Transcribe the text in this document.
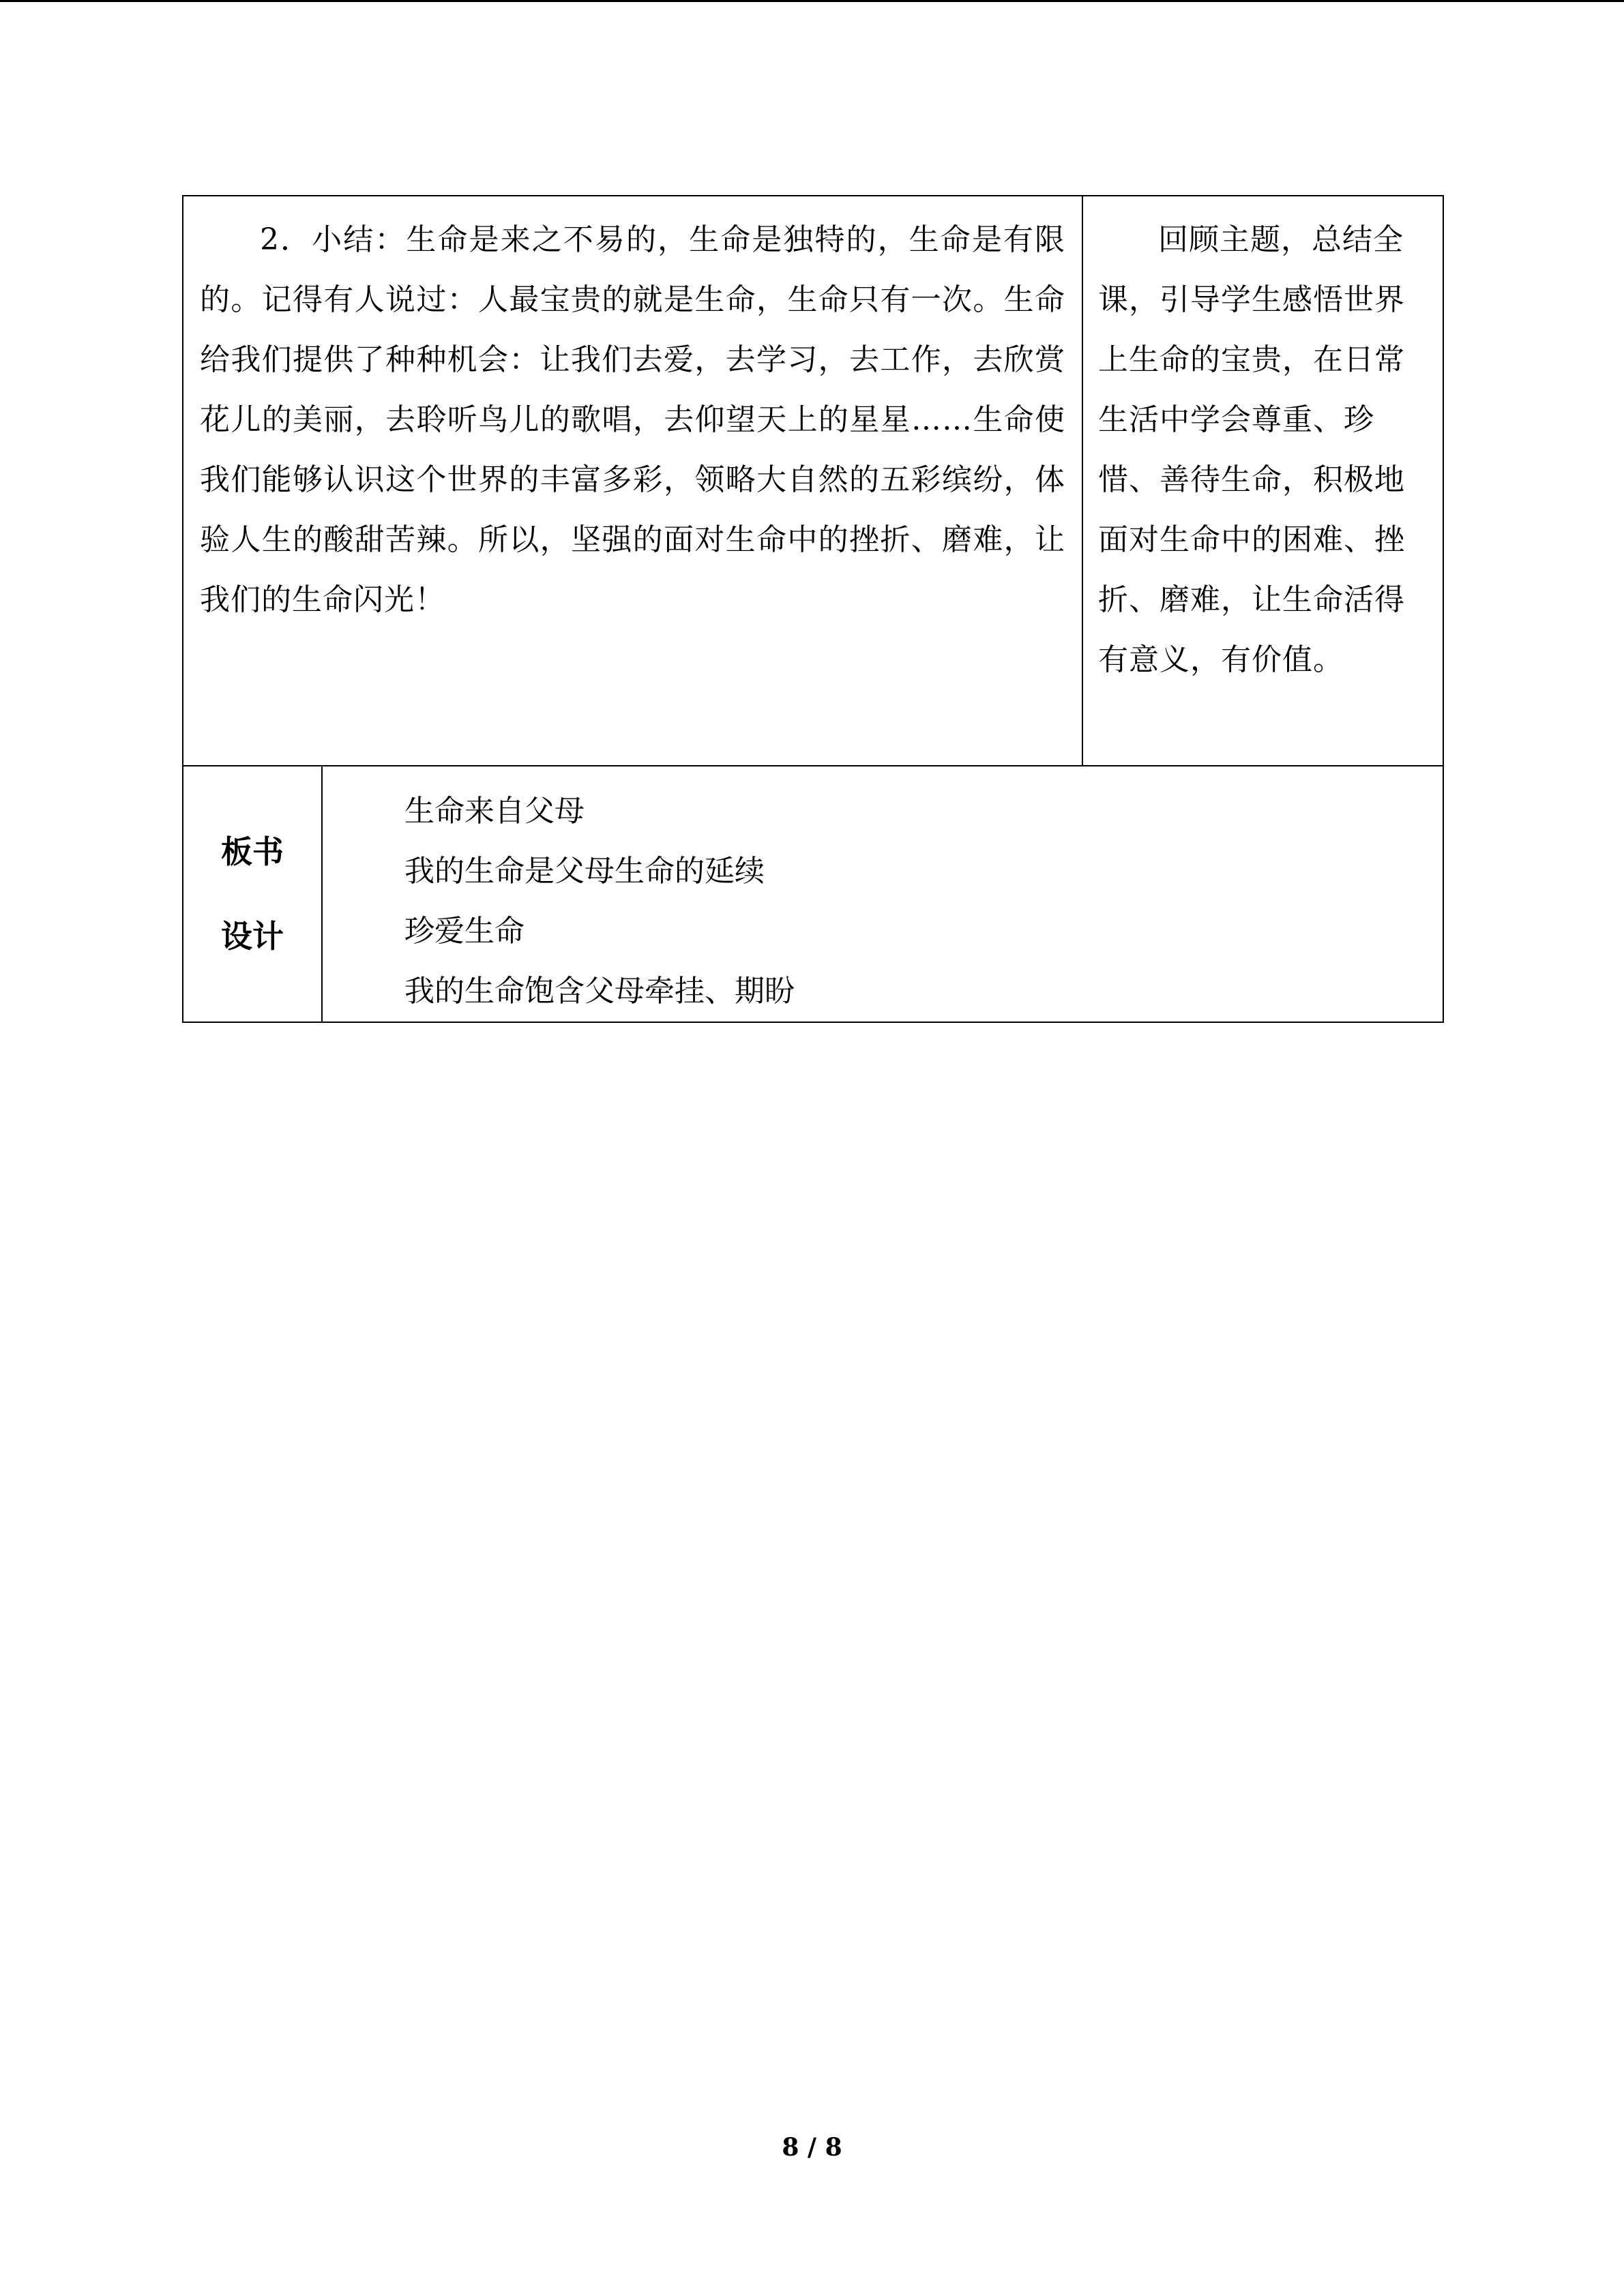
2．小结：生命是来之不易的，生命是独特的，生命是有限的。记得有人说过：人最宝贵的就是生命，生命只有一次。生命给我们提供了种种机会：让我们去爱，去学习，去工作，去欣赏花儿的美丽，去聆听鸟儿的歌唱，去仰望天上的星星……生命使我们能够认识这个世界的丰富多彩，领略大自然的五彩缤纷，体验人生的酸甜苦辣。所以，坚强的面对生命中的挫折、磨难，让我们的生命闪光！		回顾主题，总结全课，引导学生感悟世界上生命的宝贵，在日常生活中学会尊重、珍惜、善待生命，积极地面对生命中的困难、挫折、磨难，让生命活得有意义，有价值。

板书
设计	生命来自父母
我的生命是父母生命的延续
珍爱生命
我的生命饱含父母牵挂、期盼	
8 / 8
